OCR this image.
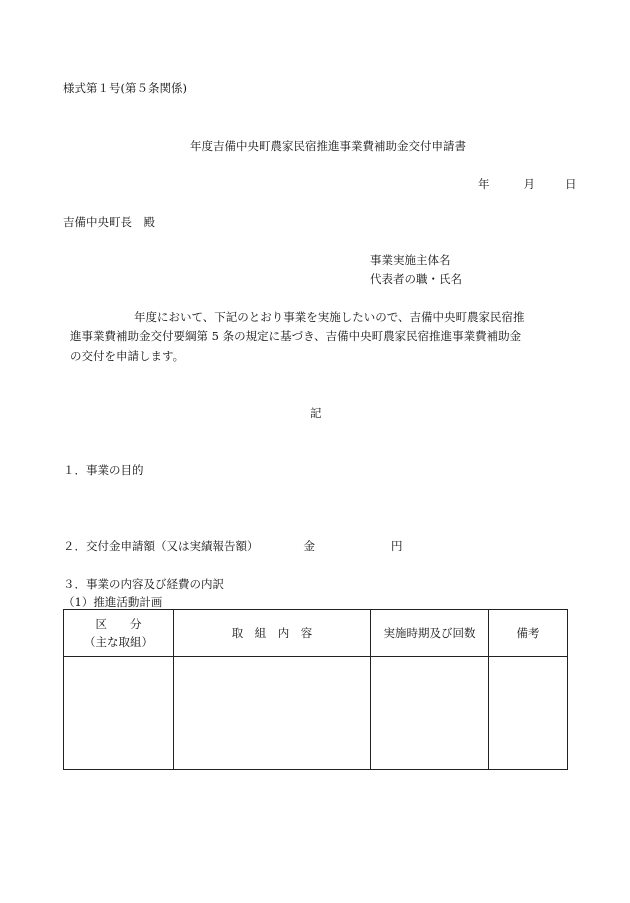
様式第１号(第５条関係)
年度吉備中央町農家民宿推進事業費補助金交付申請書
年	月	日
吉備中央町長　殿
事業実施主体名
代表者の職・氏名
年度において、下記のとおり事業を実施したいので、吉備中央町農家民宿推
進事業費補助金交付要綱第 5 条の規定に基づき、吉備中央町農家民宿推進事業費補助金
の交付を申請します。
記
１．事業の目的
２．交付金申請額（又は実績報告額）	金	円
３．事業の内容及び経費の内訳
（1）推進活動計画
区　　分
（主な取組）	取　組　内　容	実施時期及び回数	備考
